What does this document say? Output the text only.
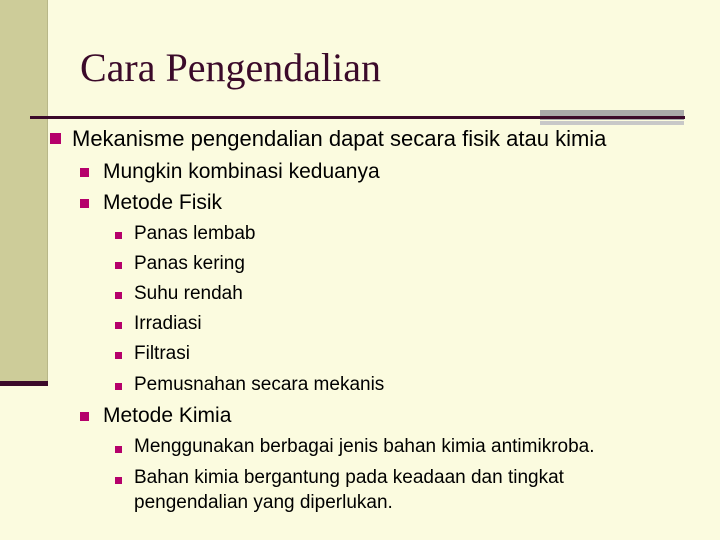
Cara Pengendalian
Mekanisme pengendalian dapat secara fisik atau kimia
Mungkin kombinasi keduanya
Metode Fisik
Panas lembab
Panas kering
Suhu rendah
Irradiasi
Filtrasi
Pemusnahan secara mekanis
Metode Kimia
Menggunakan berbagai jenis bahan kimia antimikroba.
Bahan kimia bergantung pada keadaan dan tingkat
pengendalian yang diperlukan.
